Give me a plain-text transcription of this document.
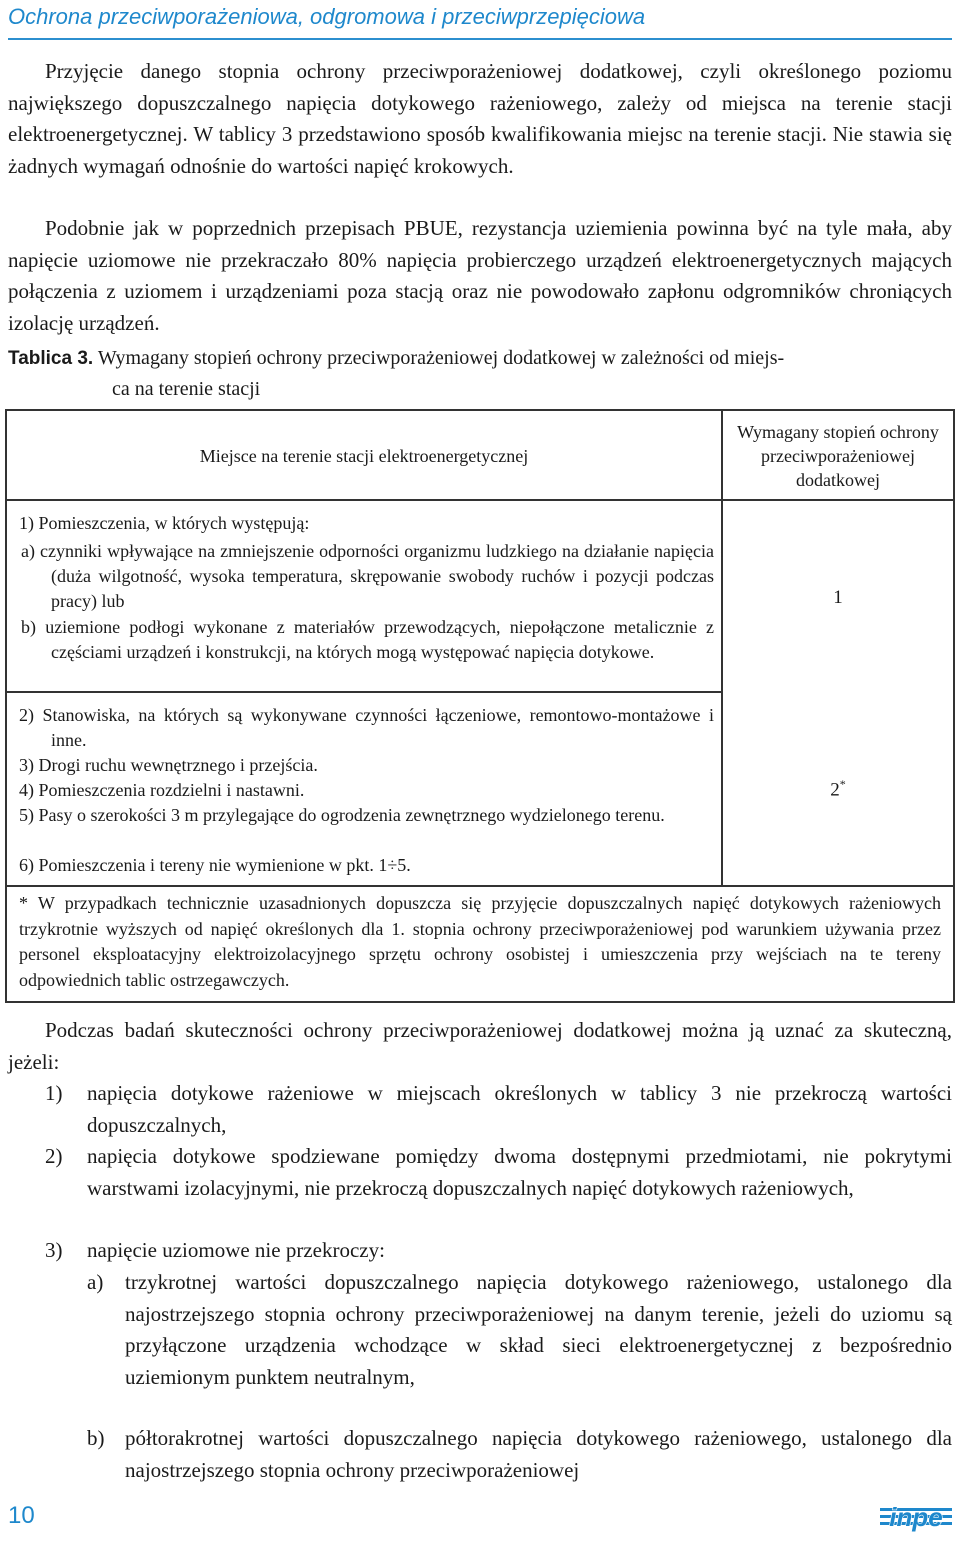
Ochrona przeciwporażeniowa, odgromowa i przeciwprzepięciowa

Przyjęcie danego stopnia ochrony przeciwporażeniowej dodatkowej, czyli określonego poziomu największego dopuszczalnego napięcia dotykowego rażeniowego, zależy od miejsca na terenie stacji elektroenergetycznej. W tablicy 3 przedstawiono sposób kwalifikowania miejsc na terenie stacji. Nie stawia się żadnych wymagań odnośnie do wartości napięć krokowych.

Podobnie jak w poprzednich przepisach PBUE, rezystancja uziemienia powinna być na tyle mała, aby napięcie uziomowe nie przekraczało 80% napięcia probierczego urządzeń elektroenergetycznych mających połączenia z uziomem i urządzeniami poza stacją oraz nie powodowało zapłonu odgromników chroniących izolację urządzeń.

Tablica 3. Wymagany stopień ochrony przeciwporażeniowej dodatkowej w zależności od miejs-
ca na terenie stacji
Miejsce na terenie stacji elektroenergetycznej
Wymagany stopień ochrony przeciwporażeniowej dodatkowej
1) Pomieszczenia, w których występują:
a) czynniki wpływające na zmniejszenie odporności organizmu ludzkiego na działanie napięcia (duża wilgotność, wysoka temperatura, skrępowanie swobody ruchów i pozycji podczas pracy) lub
b) uziemione podłogi wykonane z materiałów przewodzących, niepołączone metalicznie z częściami urządzeń i konstrukcji, na których mogą występować napięcia dotykowe.
1
2) Stanowiska, na których są wykonywane czynności łączeniowe, remontowo-montażowe i inne.
3) Drogi ruchu wewnętrznego i przejścia.
4) Pomieszczenia rozdzielni i nastawni.
5) Pasy o szerokości 3 m przylegające do ogrodzenia zewnętrznego wydzielonego terenu.
6) Pomieszczenia i tereny nie wymienione w pkt. 1÷5.
2*
* W przypadkach technicznie uzasadnionych dopuszcza się przyjęcie dopuszczalnych napięć dotykowych rażeniowych trzykrotnie wyższych od napięć określonych dla 1. stopnia ochrony przeciwporażeniowej pod warunkiem używania przez personel eksploatacyjny elektroizolacyjnego sprzętu ochrony osobistej i umieszczenia przy wejściach na te tereny odpowiednich tablic ostrzegawczych.

Podczas badań skuteczności ochrony przeciwporażeniowej dodatkowej można ją uznać za skuteczną, jeżeli:

1)	napięcia dotykowe rażeniowe w miejscach określonych w tablicy 3 nie przekroczą wartości dopuszczalnych,
2)	napięcia dotykowe spodziewane pomiędzy dwoma dostępnymi przedmiotami, nie pokrytymi warstwami izolacyjnymi, nie przekroczą dopuszczalnych napięć dotykowych rażeniowych,
3)	napięcie uziomowe nie przekroczy:
a)	trzykrotnej wartości dopuszczalnego napięcia dotykowego rażeniowego, ustalonego dla najostrzejszego stopnia ochrony przeciwporażeniowej na danym terenie, jeżeli do uziomu są przyłączone urządzenia wchodzące w skład sieci elektroenergetycznej z bezpośrednio uziemionym punktem neutralnym,
b) półtorakrotnej wartości dopuszczalnego napięcia dotykowego rażeniowego, ustalonego dla najostrzejszego stopnia ochrony przeciwporażeniowej
10	inpe
